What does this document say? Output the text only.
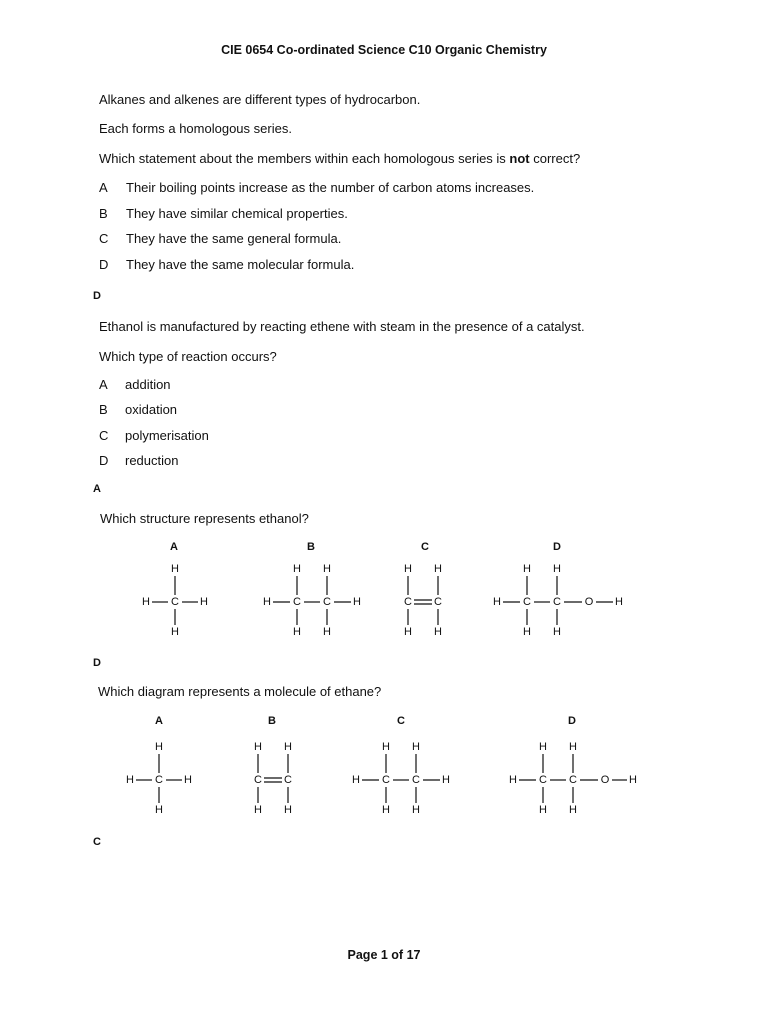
CIE 0654 Co-ordinated Science C10 Organic Chemistry
Alkanes and alkenes are different types of hydrocarbon.
Each forms a homologous series.
Which statement about the members within each homologous series is not correct?
A Their boiling points increase as the number of carbon atoms increases.
B They have similar chemical properties.
C They have the same general formula.
D They have the same molecular formula.
D
Ethanol is manufactured by reacting ethene with steam in the presence of a catalyst.
Which type of reaction occurs?
A addition
B oxidation
C polymerisation
D reduction
A
Which structure represents ethanol?
A	B	C	D
H
H C H
H
H H
H C C H
H H
H H
C C
H H
H H
H C C O H
H H
D
Which diagram represents a molecule of ethane?
A	B	C	D
H
H C H
H
H H
C C
H H
H H
H C C H
H H
H H
H C C O H
H H
C
Page 1 of 17
